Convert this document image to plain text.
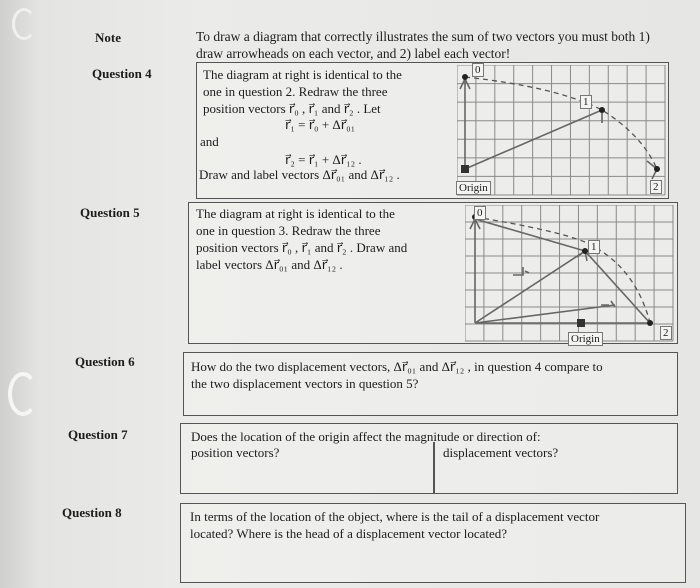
Note	To draw a diagram that correctly illustrates the sum of two vectors you must both 1) draw arrowheads on each vector, and 2) label each vector!
Question 4	The diagram at right is identical to the
one in question 2. Redraw the three
position vectors r⃗₀ , r⃗₁ and r⃗₂ . Let
r⃗₁ = r⃗₀ + Δr⃗₀₁
and
r⃗₂ = r⃗₁ + Δr⃗₁₂ .
Draw and label vectors Δr⃗₀₁ and Δr⃗₁₂ .
0
1
2
Origin
Question 5	The diagram at right is identical to the
one in question 3. Redraw the three
position vectors r⃗₀ , r⃗₁ and r⃗₂ . Draw and
label vectors Δr⃗₀₁ and Δr⃗₁₂ .
0
1
2
Origin
Question 6	How do the two displacement vectors, Δr⃗₀₁ and Δr⃗₁₂ , in question 4 compare to
the two displacement vectors in question 5?
Question 7	Does the location of the origin affect the magnitude or direction of:
position vectors?	displacement vectors?
Question 8	In terms of the location of the object, where is the tail of a displacement vector
located? Where is the head of a displacement vector located?
